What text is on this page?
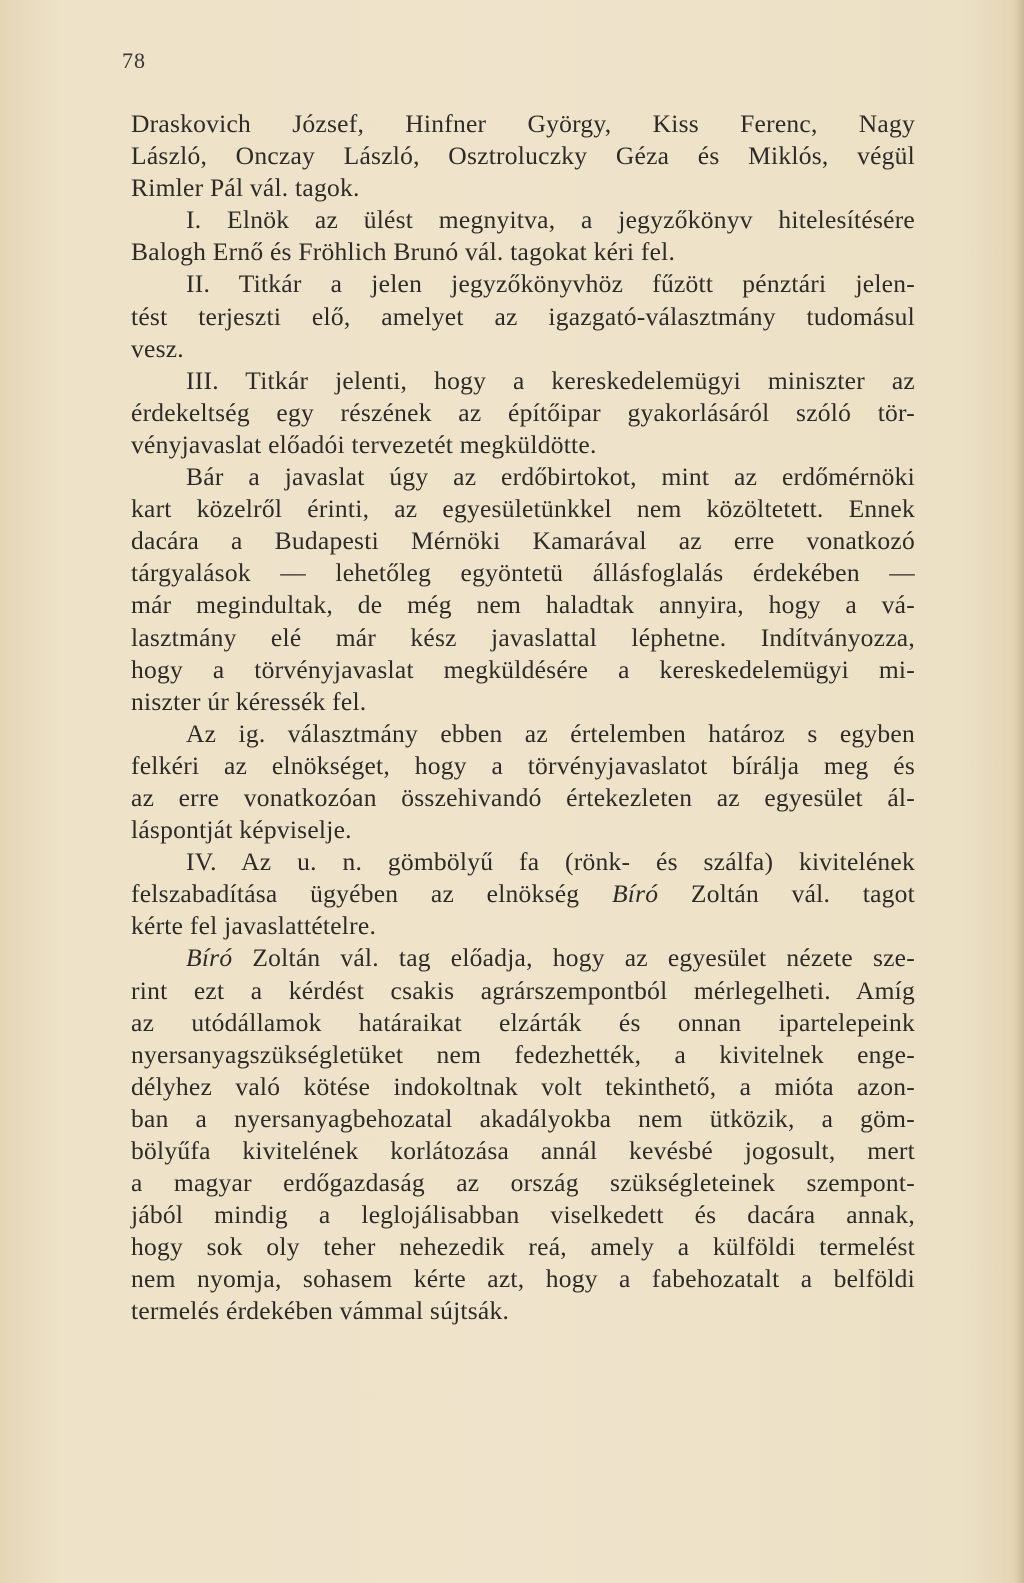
78
Draskovich József, Hinfner György, Kiss Ferenc, Nagy
László, Onczay László, Osztroluczky Géza és Miklós, végül
Rimler Pál vál. tagok.
I. Elnök az ülést megnyitva, a jegyzőkönyv hitelesítésére
Balogh Ernő és Fröhlich Brunó vál. tagokat kéri fel.
II. Titkár a jelen jegyzőkönyvhöz fűzött pénztári jelen-
tést terjeszti elő, amelyet az igazgató-választmány tudomásul
vesz.
III. Titkár jelenti, hogy a kereskedelemügyi miniszter az
érdekeltség egy részének az építőipar gyakorlásáról szóló tör-
vényjavaslat előadói tervezetét megküldötte.
Bár a javaslat úgy az erdőbirtokot, mint az erdőmérnöki
kart közelről érinti, az egyesületünkkel nem közöltetett. Ennek
dacára a Budapesti Mérnöki Kamarával az erre vonatkozó
tárgyalások — lehetőleg egyöntetü állásfoglalás érdekében —
már megindultak, de még nem haladtak annyira, hogy a vá-
lasztmány elé már kész javaslattal léphetne. Indítványozza,
hogy a törvényjavaslat megküldésére a kereskedelemügyi mi-
niszter úr kéressék fel.
Az ig. választmány ebben az értelemben határoz s egyben
felkéri az elnökséget, hogy a törvényjavaslatot bírálja meg és
az erre vonatkozóan összehivandó értekezleten az egyesület ál-
láspontját képviselje.
IV. Az u. n. gömbölyű fa (rönk- és szálfa) kivitelének
felszabadítása ügyében az elnökség Bíró Zoltán vál. tagot
kérte fel javaslattételre.
Bíró Zoltán vál. tag előadja, hogy az egyesület nézete sze-
rint ezt a kérdést csakis agrárszempontból mérlegelheti. Amíg
az utódállamok határaikat elzárták és onnan ipartelepeink
nyersanyagszükségletüket nem fedezhették, a kivitelnek enge-
délyhez való kötése indokoltnak volt tekinthető, a mióta azon-
ban a nyersanyagbehozatal akadályokba nem ütközik, a göm-
bölyűfa kivitelének korlátozása annál kevésbé jogosult, mert
a magyar erdőgazdaság az ország szükségleteinek szempont-
jából mindig a leglojálisabban viselkedett és dacára annak,
hogy sok oly teher nehezedik reá, amely a külföldi termelést
nem nyomja, sohasem kérte azt, hogy a fabehozatalt a belföldi
termelés érdekében vámmal sújtsák.
